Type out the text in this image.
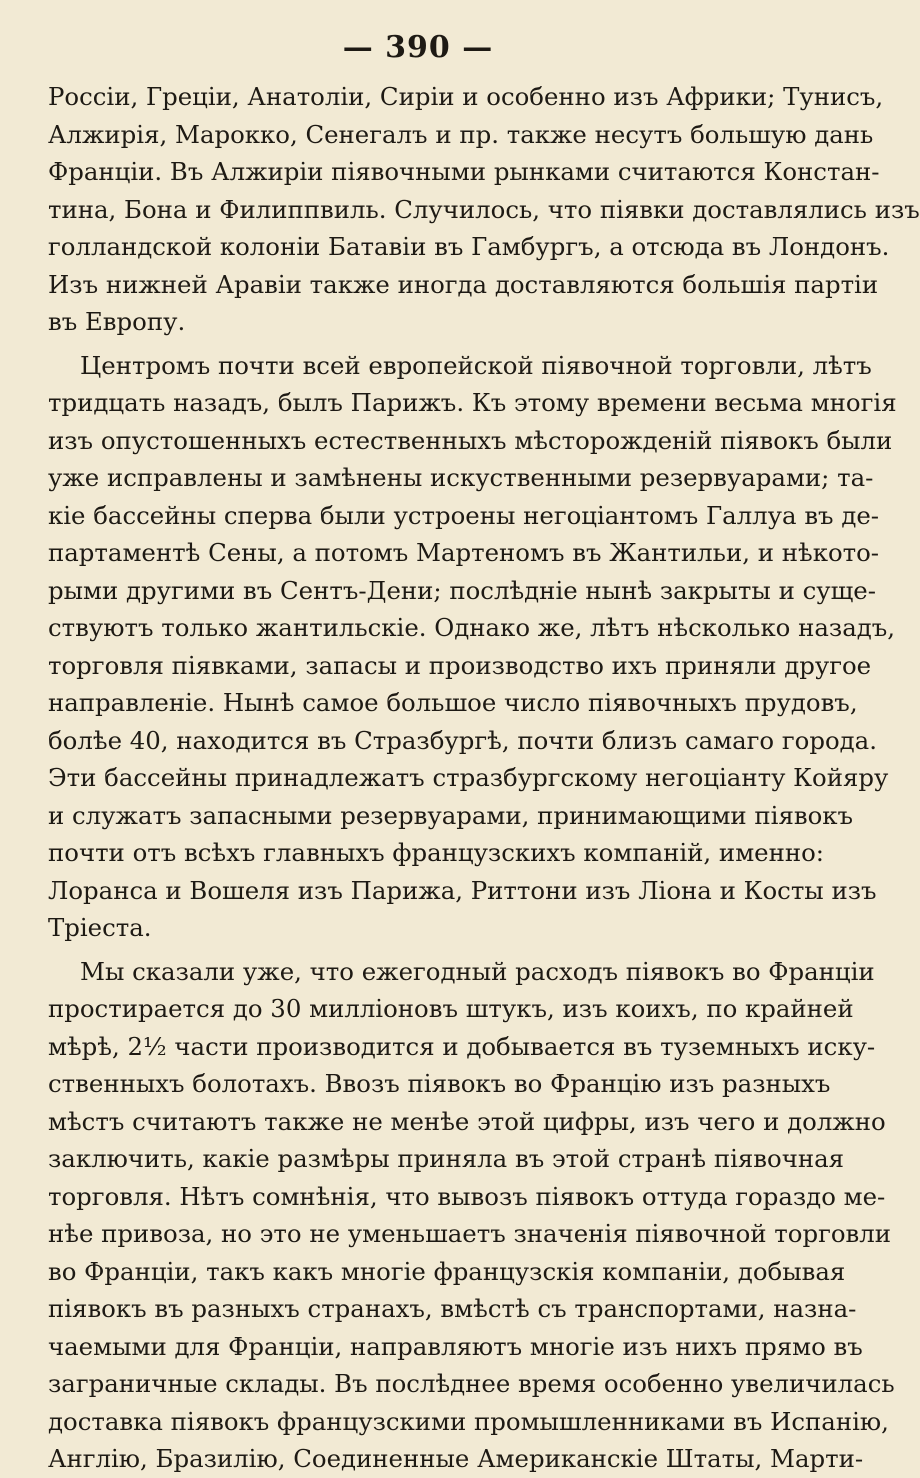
— 390 —
Россіи, Греціи, Анатоліи, Сиріи и особенно изъ Африки; Тунисъ,
Алжирія, Марокко, Сенегалъ и пр. также несутъ большую дань
Франціи. Въ Алжиріи піявочными рынками считаются Констан-
тина, Бона и Филиппвиль. Случилось, что піявки доставлялись изъ
голландской колоніи Батавіи въ Гамбургъ, а отсюда въ Лондонъ.
Изъ нижней Аравіи также иногда доставляются большія партіи
въ Европу.
Центромъ почти всей европейской піявочной торговли, лѣтъ
тридцать назадъ, былъ Парижъ. Къ этому времени весьма многія
изъ опустошенныхъ естественныхъ мѣсторожденій піявокъ были
уже исправлены и замѣнены искуственными резервуарами; та-
кіе бассейны сперва были устроены негоціантомъ Галлуа въ де-
партаментѣ Сены, а потомъ Мартеномъ въ Жантильи, и нѣкото-
рыми другими въ Сентъ-Дени; послѣдніе нынѣ закрыты и суще-
ствуютъ только жантильскіе. Однако же, лѣтъ нѣсколько назадъ,
торговля піявками, запасы и производство ихъ приняли другое
направленіе. Нынѣ самое большое число піявочныхъ прудовъ,
болѣе 40, находится въ Стразбургѣ, почти близъ самаго города.
Эти бассейны принадлежатъ стразбургскому негоціанту Койяру
и служатъ запасными резервуарами, принимающими піявокъ
почти отъ всѣхъ главныхъ французскихъ компаній, именно:
Лоранса и Вошеля изъ Парижа, Риттони изъ Ліона и Косты изъ
Тріеста.
Мы сказали уже, что ежегодный расходъ піявокъ во Франціи
простирается до 30 милліоновъ штукъ, изъ коихъ, по крайней
мѣрѣ, 2½ части производится и добывается въ туземныхъ иску-
ственныхъ болотахъ. Ввозъ піявокъ во Францію изъ разныхъ
мѣстъ считаютъ также не менѣе этой цифры, изъ чего и должно
заключить, какіе размѣры приняла въ этой странѣ піявочная
торговля. Нѣтъ сомнѣнія, что вывозъ піявокъ оттуда гораздо ме-
нѣе привоза, но это не уменьшаетъ значенія піявочной торговли
во Франціи, такъ какъ многіе французскія компаніи, добывая
піявокъ въ разныхъ странахъ, вмѣстѣ съ транспортами, назна-
чаемыми для Франціи, направляютъ многіе изъ нихъ прямо въ
заграничные склады. Въ послѣднее время особенно увеличилась
доставка піявокъ французскими промышленниками въ Испанію,
Англію, Бразилію, Соединенные Американскіе Штаты, Марти-
